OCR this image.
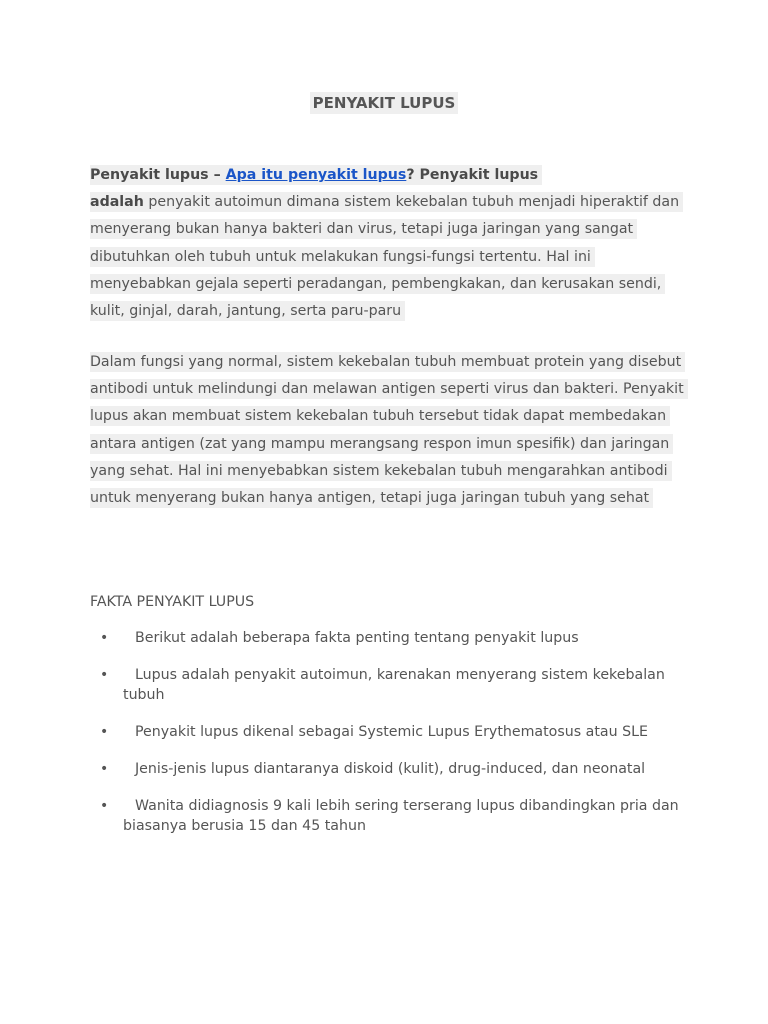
PENYAKIT LUPUS
Penyakit lupus – Apa itu penyakit lupus? Penyakit lupus
adalah penyakit autoimun dimana sistem kekebalan tubuh menjadi hiperaktif dan menyerang bukan hanya bakteri dan virus, tetapi juga jaringan yang sangat dibutuhkan oleh tubuh untuk melakukan fungsi-fungsi tertentu. Hal ini menyebabkan gejala seperti peradangan, pembengkakan, dan kerusakan sendi, kulit, ginjal, darah, jantung, serta paru-paru
Dalam fungsi yang normal, sistem kekebalan tubuh membuat protein yang disebut antibodi untuk melindungi dan melawan antigen seperti virus dan bakteri. Penyakit lupus akan membuat sistem kekebalan tubuh tersebut tidak dapat membedakan antara antigen (zat yang mampu merangsang respon imun spesifik) dan jaringan yang sehat. Hal ini menyebabkan sistem kekebalan tubuh mengarahkan antibodi untuk menyerang bukan hanya antigen, tetapi juga jaringan tubuh yang sehat
FAKTA PENYAKIT LUPUS
• Berikut adalah beberapa fakta penting tentang penyakit lupus
• Lupus adalah penyakit autoimun, karenakan menyerang sistem kekebalan tubuh
• Penyakit lupus dikenal sebagai Systemic Lupus Erythematosus atau SLE
• Jenis-jenis lupus diantaranya diskoid (kulit), drug-induced, dan neonatal
• Wanita didiagnosis 9 kali lebih sering terserang lupus dibandingkan pria dan biasanya berusia 15 dan 45 tahun
